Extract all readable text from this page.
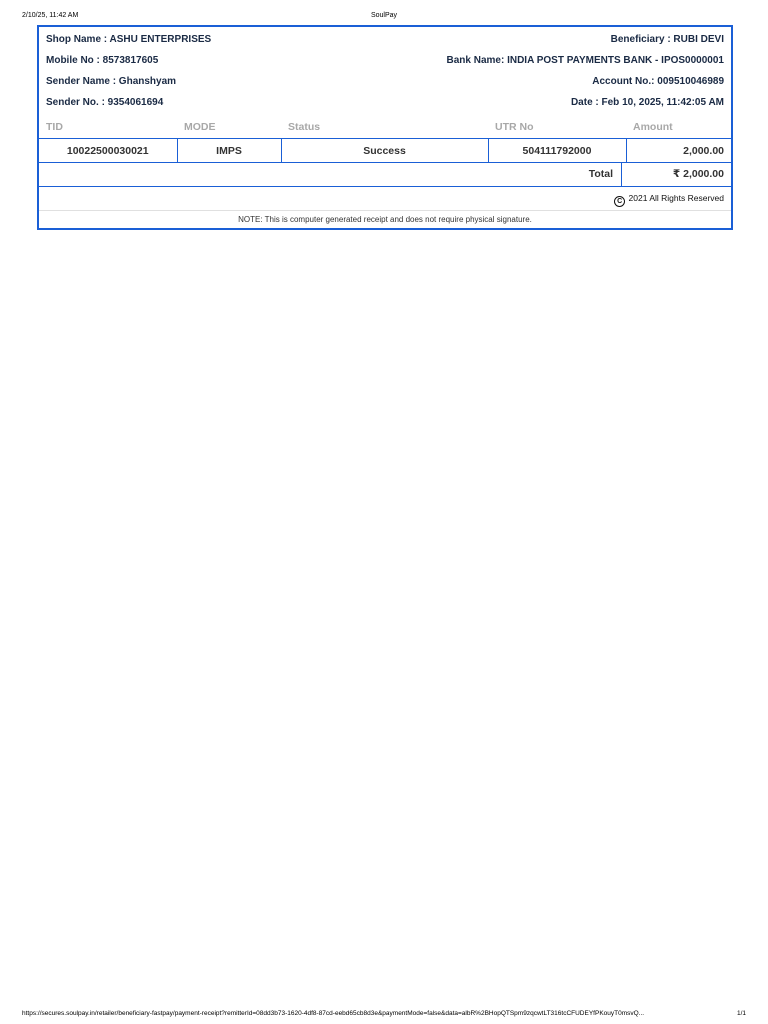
2/10/25, 11:42 AM	SoulPay
Shop Name : ASHU ENTERPRISES	Beneficiary : RUBI DEVI
Mobile No : 8573817605	Bank Name: INDIA POST PAYMENTS BANK - IPOS0000001
Sender Name : Ghanshyam	Account No.: 009510046989
Sender No. : 9354061694	Date : Feb 10, 2025, 11:42:05 AM
TID	MODE	Status	UTR No	Amount
10022500030021	IMPS	Success	504111792000	2,000.00
Total	₹ 2,000.00
C 2021 All Rights Reserved
NOTE: This is computer generated receipt and does not require physical signature.
https://secures.soulpay.in/retailer/beneficiary-fastpay/payment-receipt?remitterId=08dd3b73-1620-4df8-87cd-eebd65cb8d3e&paymentMode=false&data=albR%2BHopQTSpm9zqcwtLT316tcCFUDEYfPKouyT0msvQ...	1/1
